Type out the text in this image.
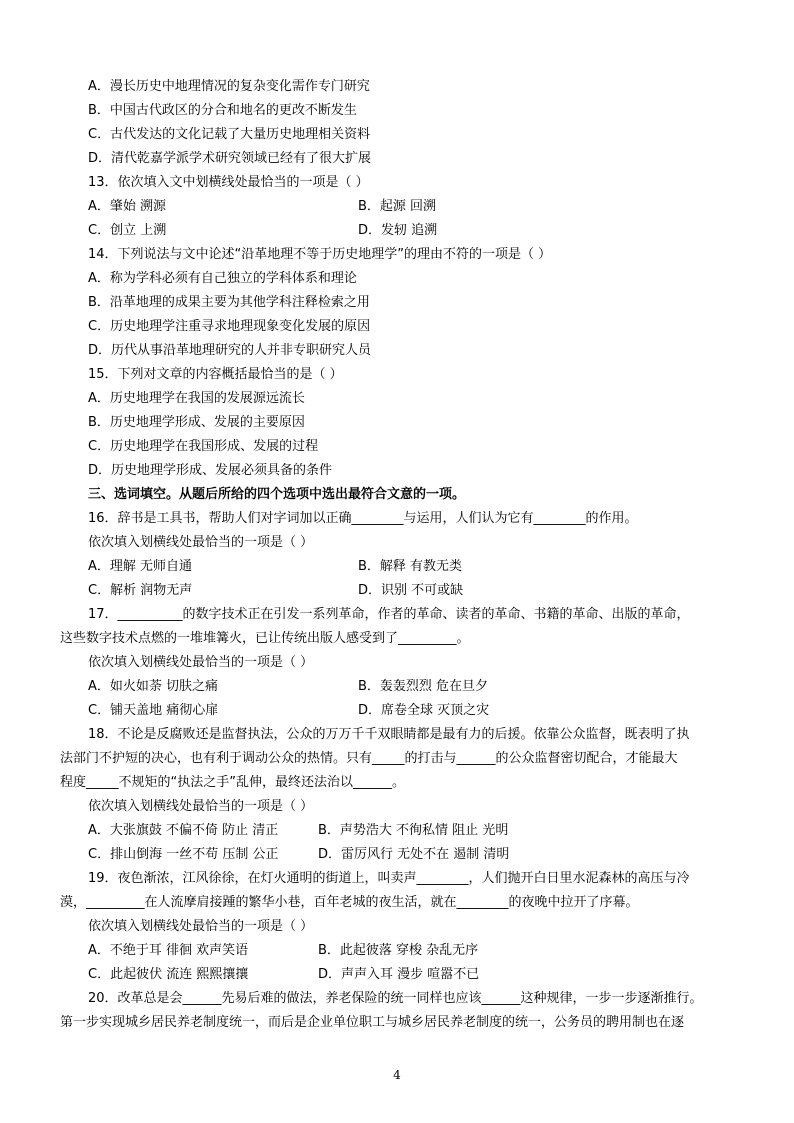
A．漫长历史中地理情况的复杂变化需作专门研究
B．中国古代政区的分合和地名的更改不断发生
C．古代发达的文化记载了大量历史地理相关资料
D．清代乾嘉学派学术研究领域已经有了很大扩展
13．依次填入文中划横线处最恰当的一项是（ ）
A．肇始 溯源	B．起源 回溯
C．创立 上溯	D．发轫 追溯
14．下列说法与文中论述“沿革地理不等于历史地理学”的理由不符的一项是（ ）
A．称为学科必须有自己独立的学科体系和理论
B．沿革地理的成果主要为其他学科注释检索之用
C．历史地理学注重寻求地理现象变化发展的原因
D．历代从事沿革地理研究的人并非专职研究人员
15．下列对文章的内容概括最恰当的是（ ）
A．历史地理学在我国的发展源远流长
B．历史地理学形成、发展的主要原因
C．历史地理学在我国形成、发展的过程
D．历史地理学形成、发展必须具备的条件
三、选词填空。从题后所给的四个选项中选出最符合文意的一项。
16．辞书是工具书，帮助人们对字词加以正确________与运用，人们认为它有________的作用。
依次填入划横线处最恰当的一项是（ ）
A．理解 无师自通	B．解释 有教无类
C．解析 润物无声	D．识别 不可或缺
17．__________的数字技术正在引发一系列革命，作者的革命、读者的革命、书籍的革命、出版的革命，
这些数字技术点燃的一堆堆篝火，已让传统出版人感受到了_________。
依次填入划横线处最恰当的一项是（ ）
A．如火如荼 切肤之痛	B．轰轰烈烈 危在旦夕
C．铺天盖地 痛彻心扉	D．席卷全球 灭顶之灾
18．不论是反腐败还是监督执法，公众的万万千千双眼睛都是最有力的后援。依靠公众监督，既表明了执
法部门不护短的决心，也有利于调动公众的热情。只有_____的打击与______的公众监督密切配合，才能最大
程度_____不规矩的“执法之手”乱伸，最终还法治以______。
依次填入划横线处最恰当的一项是（ ）
A．大张旗鼓 不偏不倚 防止 清正	B．声势浩大 不徇私情 阻止 光明
C．排山倒海 一丝不苟 压制 公正	D．雷厉风行 无处不在 遏制 清明
19．夜色渐浓，江风徐徐，在灯火通明的街道上，叫卖声________，人们抛开白日里水泥森林的高压与冷
漠，_________在人流摩肩接踵的繁华小巷，百年老城的夜生活，就在________的夜晚中拉开了序幕。
依次填入划横线处最恰当的一项是（ ）
A．不绝于耳 徘徊 欢声笑语	B．此起彼落 穿梭 杂乱无序
C．此起彼伏 流连 熙熙攘攘	D．声声入耳 漫步 喧嚣不已
20．改革总是会______先易后难的做法，养老保险的统一同样也应该______这种规律，一步一步逐渐推行。
第一步实现城乡居民养老制度统一，而后是企业单位职工与城乡居民养老制度的统一，公务员的聘用制也在逐
4
